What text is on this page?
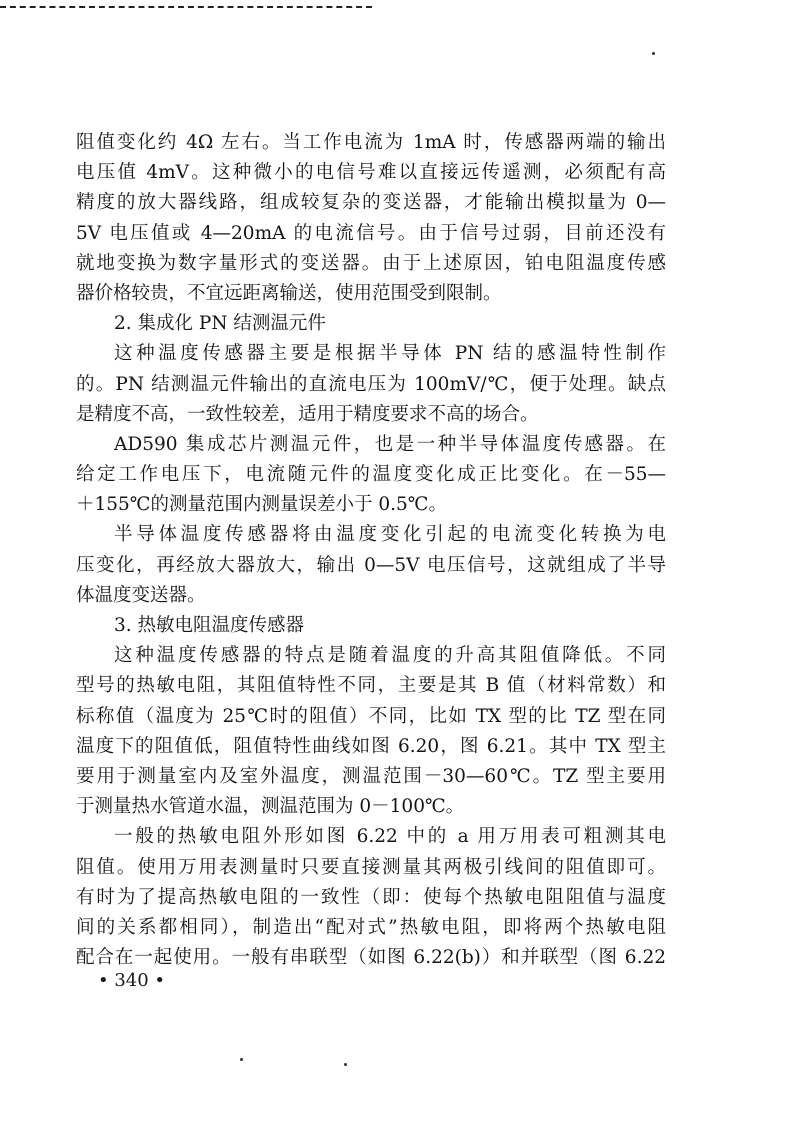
阻值变化约 4Ω 左右。当工作电流为 1mA 时，传感器两端的输出
电压值 4mV。这种微小的电信号难以直接远传遥测，必须配有高
精度的放大器线路，组成较复杂的变送器，才能输出模拟量为 0—
5V 电压值或 4—20mA 的电流信号。由于信号过弱，目前还没有
就地变换为数字量形式的变送器。由于上述原因，铂电阻温度传感
器价格较贵，不宜远距离输送，使用范围受到限制。
2. 集成化 PN 结测温元件
这种温度传感器主要是根据半导体 PN 结的感温特性制作
的。PN 结测温元件输出的直流电压为 100mV/℃，便于处理。缺点
是精度不高，一致性较差，适用于精度要求不高的场合。
AD590 集成芯片测温元件，也是一种半导体温度传感器。在
给定工作电压下，电流随元件的温度变化成正比变化。在－55—
＋155℃的测量范围内测量误差小于 0.5℃。
半导体温度传感器将由温度变化引起的电流变化转换为电
压变化，再经放大器放大，输出 0—5V 电压信号，这就组成了半导
体温度变送器。
3. 热敏电阻温度传感器
这种温度传感器的特点是随着温度的升高其阻值降低。不同
型号的热敏电阻，其阻值特性不同，主要是其 B 值（材料常数）和
标称值（温度为 25℃时的阻值）不同，比如 TX 型的比 TZ 型在同
温度下的阻值低，阻值特性曲线如图 6.20，图 6.21。其中 TX 型主
要用于测量室内及室外温度，测温范围－30—60℃。TZ 型主要用
于测量热水管道水温，测温范围为 0－100℃。
一般的热敏电阻外形如图 6.22 中的 a 用万用表可粗测其电
阻值。使用万用表测量时只要直接测量其两极引线间的阻值即可。
有时为了提高热敏电阻的一致性（即：使每个热敏电阻阻值与温度
间的关系都相同），制造出“配对式”热敏电阻，即将两个热敏电阻
配合在一起使用。一般有串联型（如图 6.22(b)）和并联型（图 6.22
• 340 •
